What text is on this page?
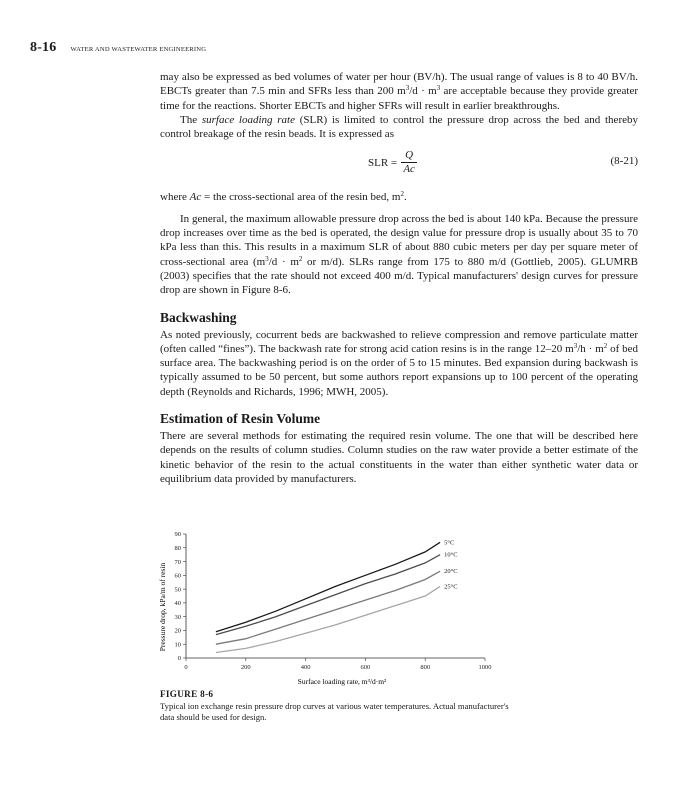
8-16 WATER AND WASTEWATER ENGINEERING

may also be expressed as bed volumes of water per hour (BV/h). The usual range of values is 8 to 40 BV/h. EBCTs greater than 7.5 min and SFRs less than 200 $m^3/d \cdot m^3$ are acceptable because they provide greater time for the reactions. Shorter EBCTs and higher SFRs will result in earlier breakthroughs.

The surface loading rate (SLR) is limited to control the pressure drop across the bed and thereby control breakage of the resin beads. It is expressed as

SLR = $\frac{Q}{Ac}$	(8-21)

where Ac = the cross-sectional area of the resin bed, $m^2$.

In general, the maximum allowable pressure drop across the bed is about 140 kPa. Because the pressure drop increases over time as the bed is operated, the design value for pressure drop is usually about 35 to 70 kPa less than this. This results in a maximum SLR of about 880 cubic meters per day per square meter of cross-sectional area ($m^3/d \cdot m^2$ or m/d). SLRs range from 175 to 880 m/d (Gottlieb, 2005). GLUMRB (2003) specifies that the rate should not exceed 400 m/d. Typical manufacturers' design curves for pressure drop are shown in Figure 8-6.

Backwashing

As noted previously, cocurrent beds are backwashed to relieve compression and remove particulate matter (often called “fines”). The backwash rate for strong acid cation resins is in the range 12–20 $m^3/h \cdot m^2$ of bed surface area. The backwashing period is on the order of 5 to 15 minutes. Bed expansion during backwash is typically assumed to be 50 percent, but some authors report expansions up to 100 percent of the operating depth (Reynolds and Richards, 1996; MWH, 2005).

Estimation of Resin Volume

There are several methods for estimating the required resin volume. The one that will be described here depends on the results of column studies. Column studies on the raw water provide a better estimate of the kinetic behavior of the resin to the actual constituents in the water than either synthetic water data or equilibrium data provided by manufacturers.

0
10
20
30
40
50
60
70
80
90
0	200	400	600	800	1000
5°C
10°C
20°C
25°C
Pressure drop, kPa/m of resin
Surface loading rate, m³/d·m²
FIGURE 8-6
Typical ion exchange resin pressure drop curves at various water temperatures. Actual manufacturer's data should be used for design.
